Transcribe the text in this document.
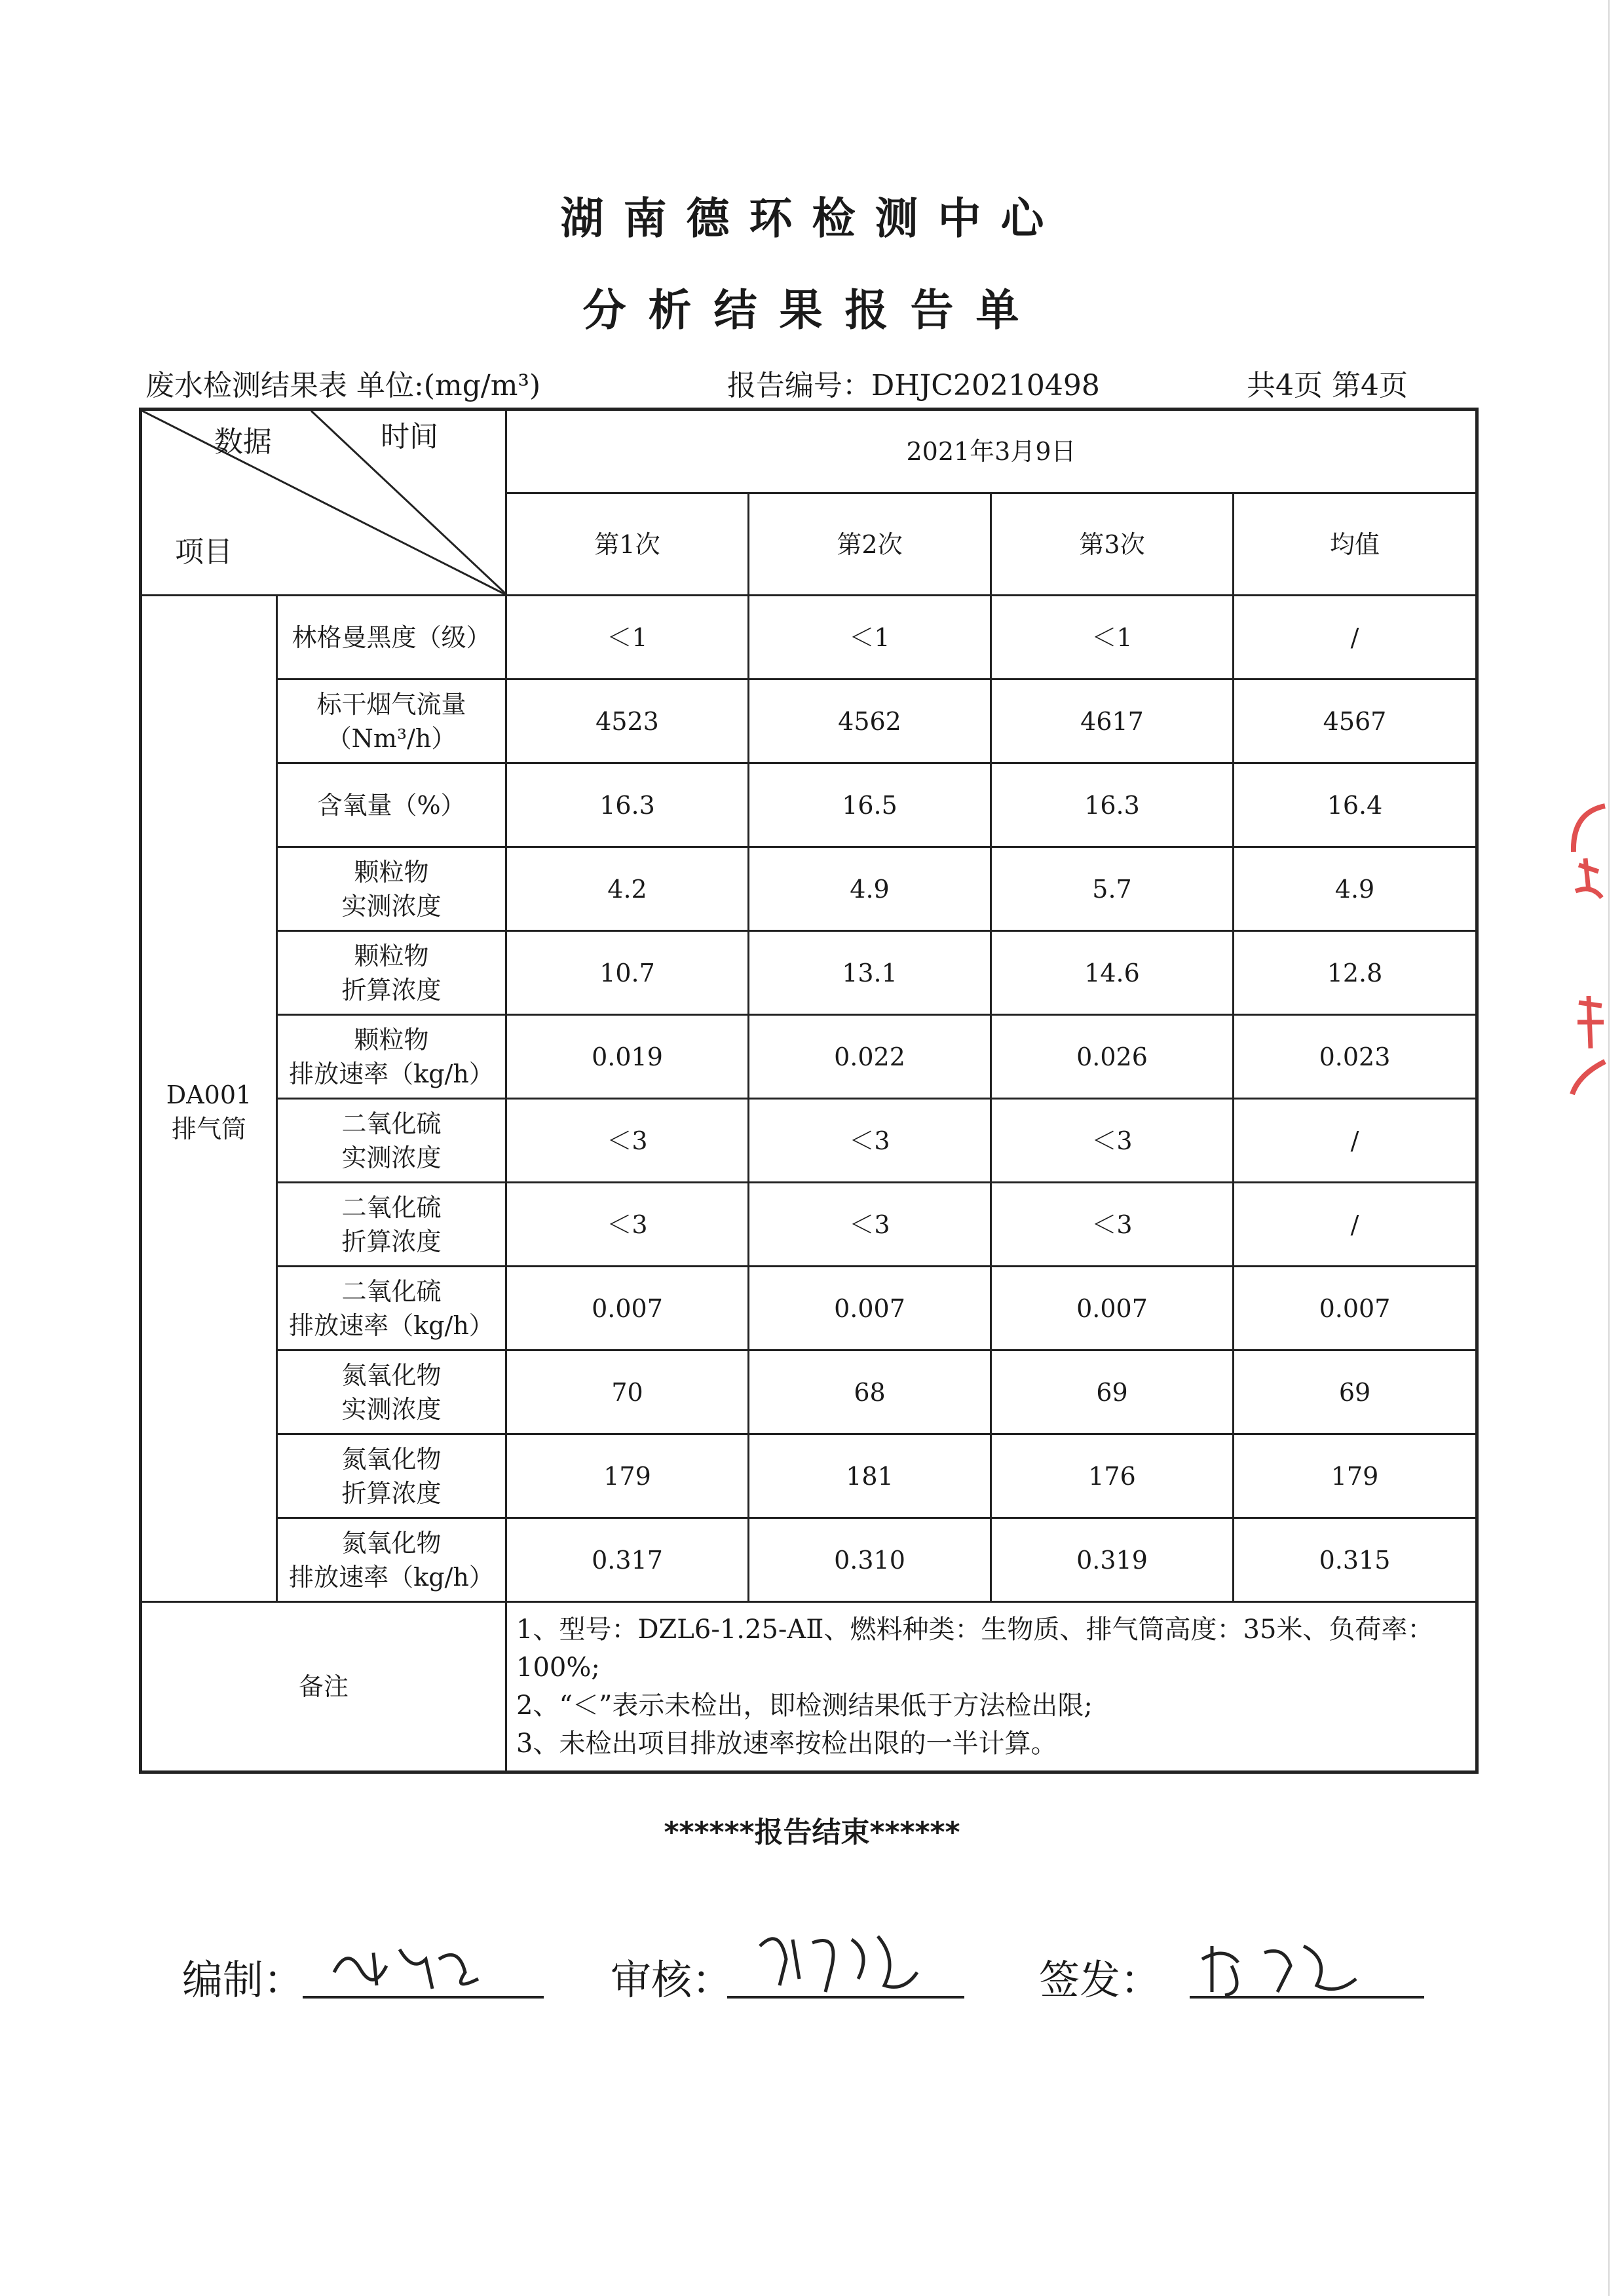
湖南德环检测中心
分析结果报告单
废水检测结果表 单位:(mg/m³)	报告编号：DHJC20210498	共4页 第4页
数据 时间
项目		2021年3月9日			
		第1次	第2次	第3次	均值

DA001
排气筒	林格曼黑度（级）	＜1	＜1	＜1	/

	标干烟气流量
（Nm³/h）	4523	4562	4617	4567

	含氧量（%）	16.3	16.5	16.3	16.4

	颗粒物
实测浓度	4.2	4.9	5.7	4.9

	颗粒物
折算浓度	10.7	13.1	14.6	12.8

	颗粒物
排放速率（kg/h）	0.019	0.022	0.026	0.023

	二氧化硫
实测浓度	＜3	＜3	＜3	/

	二氧化硫
折算浓度	＜3	＜3	＜3	/

	二氧化硫
排放速率（kg/h）	0.007	0.007	0.007	0.007

	氮氧化物
实测浓度	70	68	69	69

	氮氧化物
折算浓度	179	181	176	179

	氮氧化物
排放速率（kg/h）	0.317	0.310	0.319	0.315
备注		1、型号：DZL6-1.25-AⅡ、燃料种类：生物质、排气筒高度：35米、负荷率：100%;
2、“＜”表示未检出，即检测结果低于方法检出限;
3、未检出项目排放速率按检出限的一半计算。			
******报告结束******
编制：	审核：	签发：
